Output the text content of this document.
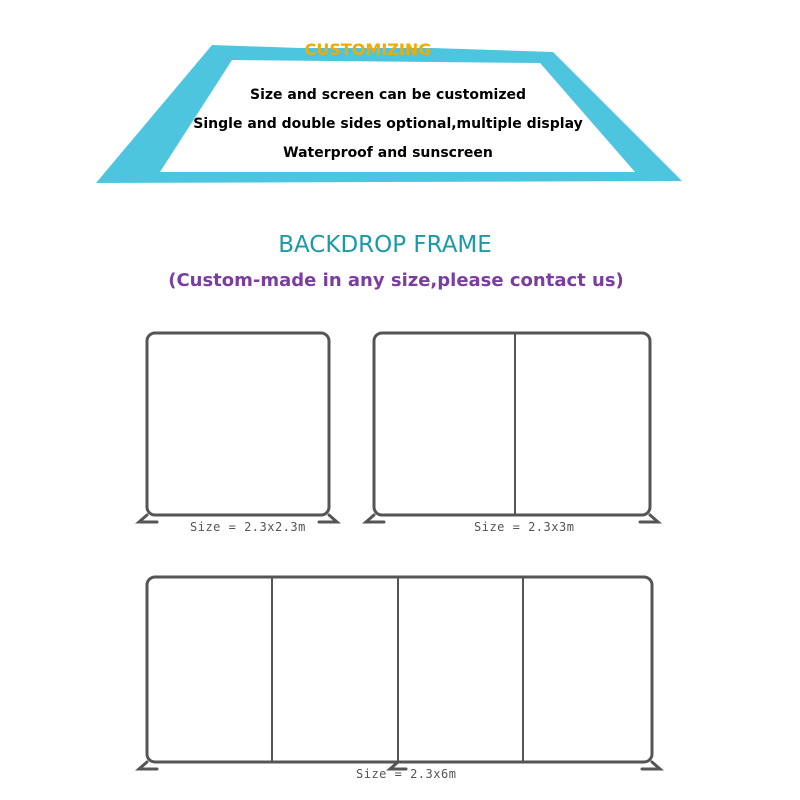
CUSTOMIZING
Size and screen can be customized
Single and double sides optional,multiple display
Waterproof and sunscreen
BACKDROP FRAME
(Custom-made in any size,please contact us)
Size = 2.3x2.3m	Size = 2.3x3m
Size = 2.3x6m
